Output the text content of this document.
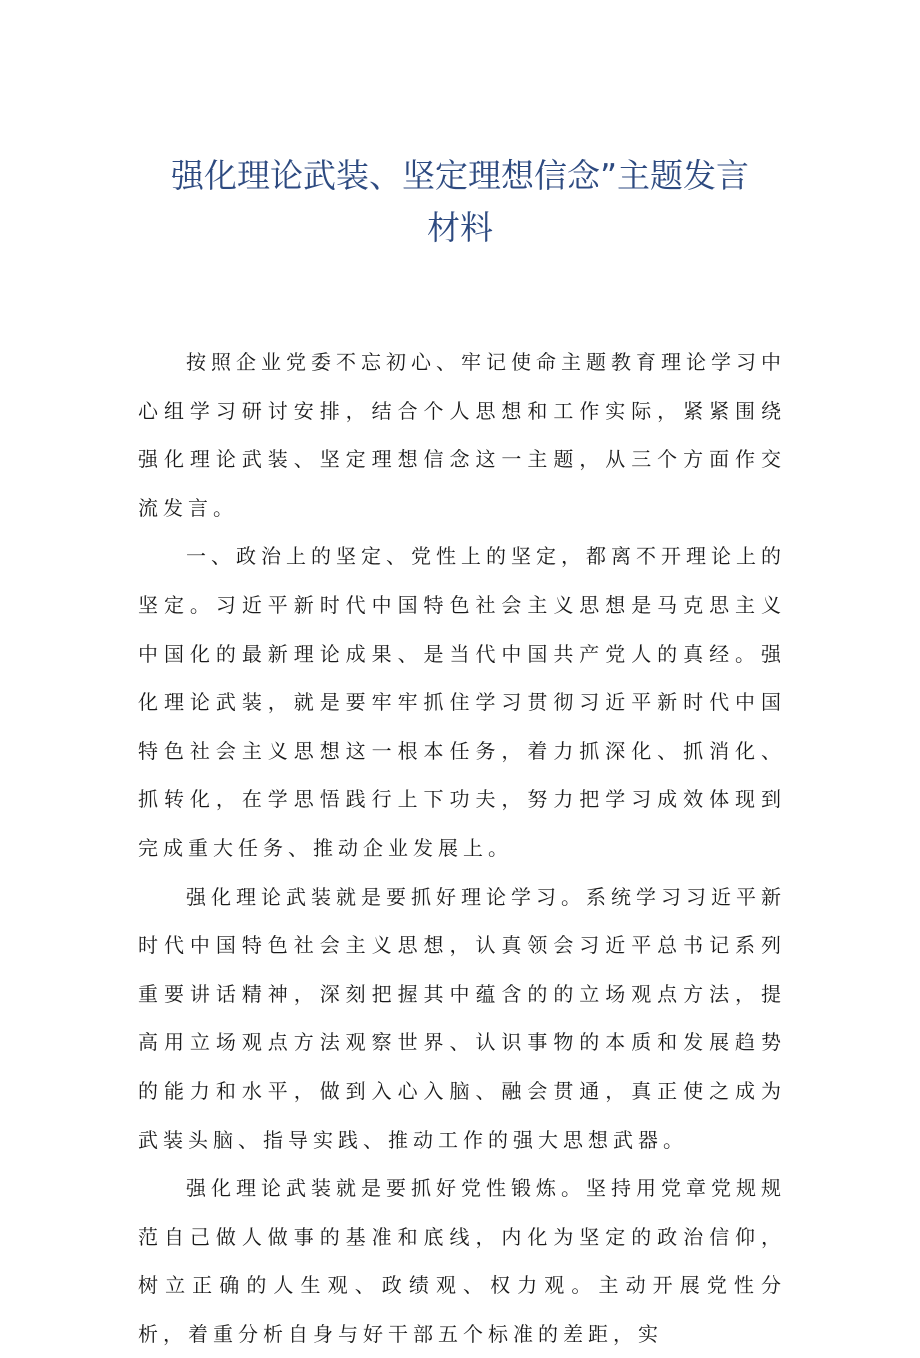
强化理论武装、坚定理想信念”主题发言
材料

按照企业党委不忘初心、牢记使命主题教育理论学习中心组学习研讨安排，结合个人思想和工作实际，紧紧围绕强化理论武装、坚定理想信念这一主题，从三个方面作交流发言。

一、政治上的坚定、党性上的坚定，都离不开理论上的坚定。习近平新时代中国特色社会主义思想是马克思主义中国化的最新理论成果、是当代中国共产党人的真经。强化理论武装，就是要牢牢抓住学习贯彻习近平新时代中国特色社会主义思想这一根本任务，着力抓深化、抓消化、抓转化，在学思悟践行上下功夫，努力把学习成效体现到完成重大任务、推动企业发展上。

强化理论武装就是要抓好理论学习。系统学习习近平新时代中国特色社会主义思想，认真领会习近平总书记系列重要讲话精神，深刻把握其中蕴含的的立场观点方法，提高用立场观点方法观察世界、认识事物的本质和发展趋势的能力和水平，做到入心入脑、融会贯通，真正使之成为武装头脑、指导实践、推动工作的强大思想武器。

强化理论武装就是要抓好党性锻炼。坚持用党章党规规范自己做人做事的基准和底线，内化为坚定的政治信仰，树立正确的人生观、政绩观、权力观。主动开展党性分析，着重分析自身与好干部五个标准的差距，实
